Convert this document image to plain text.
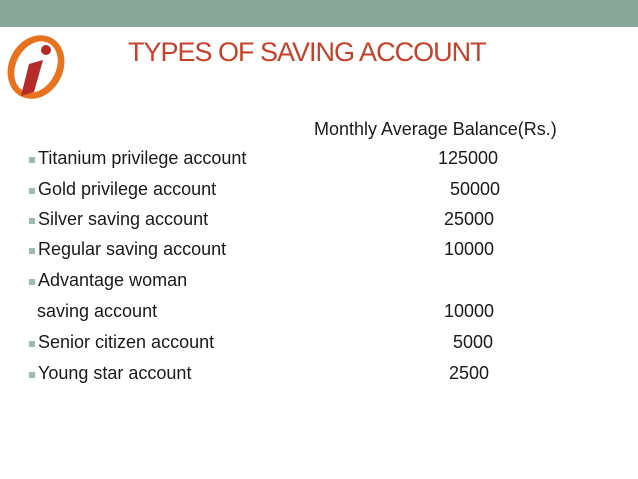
TYPES OF SAVING ACCOUNT
Monthly Average Balance(Rs.)
Titanium privilege account	125000
Gold privilege account	50000
Silver saving account	25000
Regular saving account	10000
Advantage woman
saving account	10000
Senior citizen account	5000
Young star account	2500
